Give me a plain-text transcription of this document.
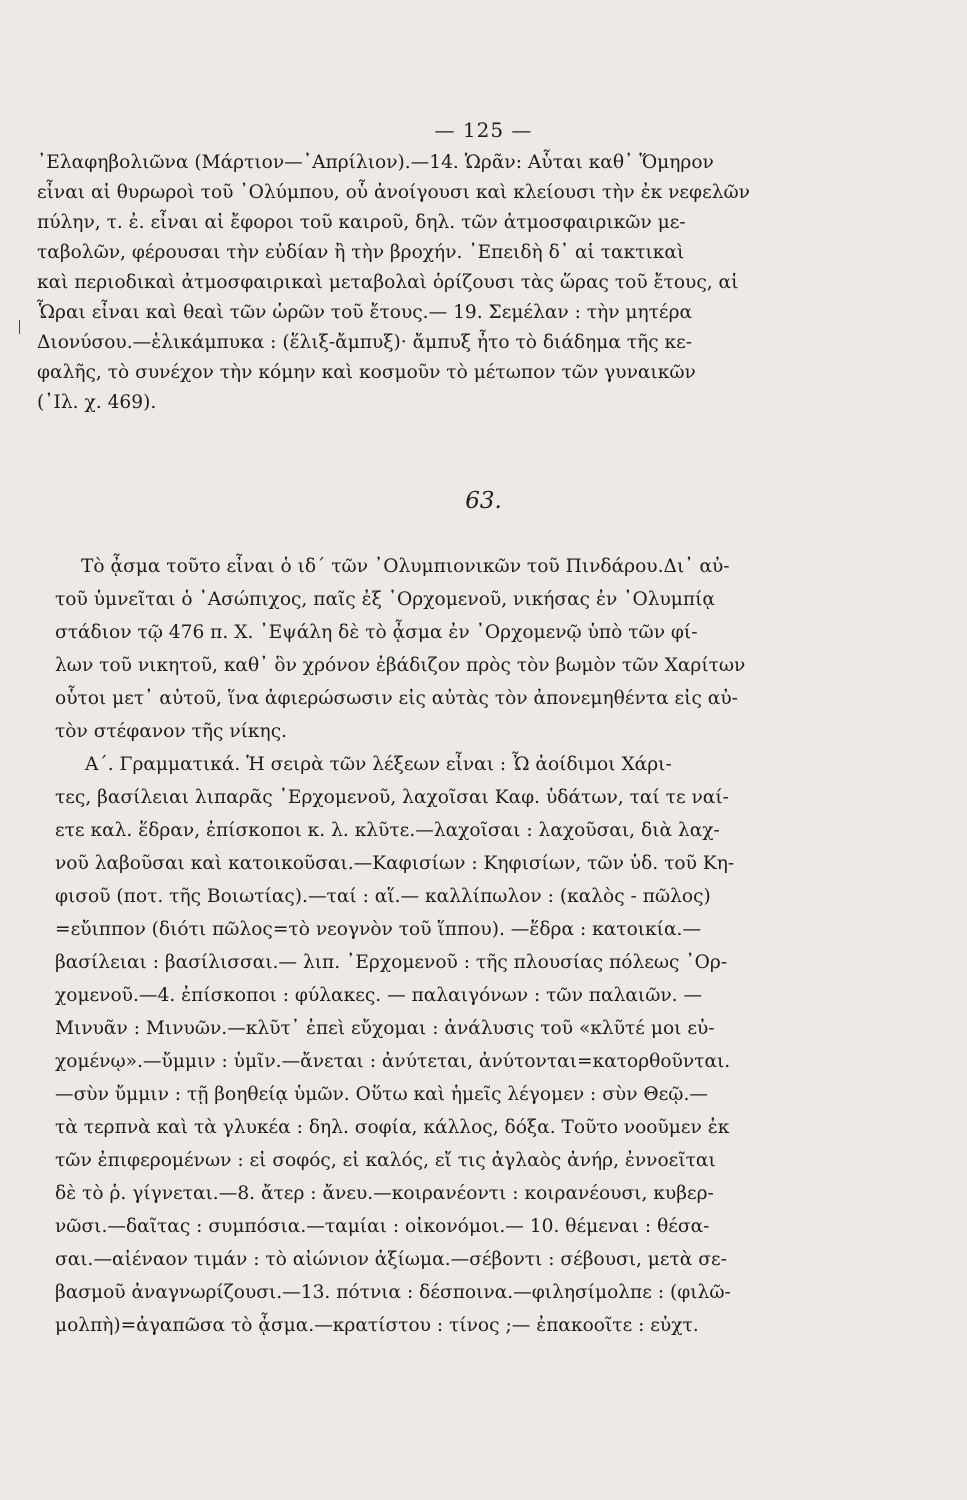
— 125 —
᾽Ελαφηβολιῶνα (Μάρτιον—᾽Απρίλιον).—14. Ὡρᾶν: Αὗται καθ᾽ Ὅμηρον
εἶναι αἱ θυρωροὶ τοῦ ᾽Ολύμπου, οὗ ἀνοίγουσι καὶ κλείουσι τὴν ἐκ νεφελῶν
πύλην, τ. ἐ. εἶναι αἱ ἔφοροι τοῦ καιροῦ, δηλ. τῶν ἀτμοσφαιρικῶν με-
ταβολῶν, φέρουσαι τὴν εὐδίαν ἢ τὴν βροχήν. ᾽Επειδὴ δ᾽ αἱ τακτικαὶ
καὶ περιοδικαὶ ἀτμοσφαιρικαὶ μεταβολαὶ ὁρίζουσι τὰς ὥρας τοῦ ἔτους, αἱ
Ὧραι εἶναι καὶ θεαὶ τῶν ὡρῶν τοῦ ἔτους.— 19. Σεμέλαν : τὴν μητέρα
Διονύσου.—ἑλικάμπυκα : (ἕλιξ-ἄμπυξ)· ἄμπυξ ἦτο τὸ διάδημα τῆς κε-
φαλῆς, τὸ συνέχον τὴν κόμην καὶ κοσμοῦν τὸ μέτωπον τῶν γυναικῶν
(᾽Ιλ. χ. 469).
63.
Τὸ ᾆσμα τοῦτο εἶναι ὁ ιδ´ τῶν ᾽Ολυμπιονικῶν τοῦ Πινδάρου.Δι᾽ αὐ-
τοῦ ὑμνεῖται ὁ ᾽Ασώπιχος, παῖς ἐξ ᾽Ορχομενοῦ, νικήσας ἐν ᾽Ολυμπίᾳ
στάδιον τῷ 476 π. Χ. ᾽Εψάλη δὲ τὸ ᾆσμα ἐν ᾽Ορχομενῷ ὑπὸ τῶν φί-
λων τοῦ νικητοῦ, καθ᾽ ὃν χρόνον ἐβάδιζον πρὸς τὸν βωμὸν τῶν Χαρίτων
οὗτοι μετ᾽ αὐτοῦ, ἵνα ἀφιερώσωσιν εἰς αὐτὰς τὸν ἀπονεμηθέντα εἰς αὐ-
τὸν στέφανον τῆς νίκης.
Α´. Γραμματικά. Ἡ σειρὰ τῶν λέξεων εἶναι : Ὦ ἀοίδιμοι Χάρι-
τες, βασίλειαι λιπαρᾶς ᾽Ερχομενοῦ, λαχοῖσαι Καφ. ὑδάτων, ταί τε ναί-
ετε καλ. ἕδραν, ἐπίσκοποι κ. λ. κλῦτε.—λαχοῖσαι : λαχοῦσαι, διὰ λαχ-
νοῦ λαβοῦσαι καὶ κατοικοῦσαι.—Καφισίων : Κηφισίων, τῶν ὑδ. τοῦ Κη-
φισοῦ (ποτ. τῆς Βοιωτίας).—ταί : αἵ.— καλλίπωλον : (καλὸς - πῶλος)
=εὔιππον (διότι πῶλος=τὸ νεογνὸν τοῦ ἵππου). —ἕδρα : κατοικία.—
βασίλειαι : βασίλισσαι.— λιπ. ᾽Ερχομενοῦ : τῆς πλουσίας πόλεως ᾽Ορ-
χομενοῦ.—4. ἐπίσκοποι : φύλακες. — παλαιγόνων : τῶν παλαιῶν. —
Μινυᾶν : Μινυῶν.—κλῦτ᾽ ἐπεὶ εὔχομαι : ἀνάλυσις τοῦ «κλῦτέ μοι εὐ-
χομένῳ».—ὔμμιν : ὑμῖν.—ἄνεται : ἀνύτεται, ἀνύτονται=κατορθοῦνται.
—σὺν ὔμμιν : τῇ βοηθείᾳ ὑμῶν. Οὕτω καὶ ἡμεῖς λέγομεν : σὺν Θεῷ.—
τὰ τερπνὰ καὶ τὰ γλυκέα : δηλ. σοφία, κάλλος, δόξα. Τοῦτο νοοῦμεν ἐκ
τῶν ἐπιφερομένων : εἰ σοφός, εἰ καλός, εἴ τις ἀγλαὸς ἀνήρ, ἐννοεῖται
δὲ τὸ ῥ. γίγνεται.—8. ἄτερ : ἄνευ.—κοιρανέοντι : κοιρανέουσι, κυβερ-
νῶσι.—δαῖτας : συμπόσια.—ταμίαι : οἰκονόμοι.— 10. θέμεναι : θέσα-
σαι.—αἰέναον τιμάν : τὸ αἰώνιον ἀξίωμα.—σέβοντι : σέβουσι, μετὰ σε-
βασμοῦ ἀναγνωρίζουσι.—13. πότνια : δέσποινα.—φιλησίμολπε : (φιλῶ-
μολπὴ)=ἀγαπῶσα τὸ ᾆσμα.—κρατίστου : τίνος ;— ἐπακοοῖτε : εὐχτ.
